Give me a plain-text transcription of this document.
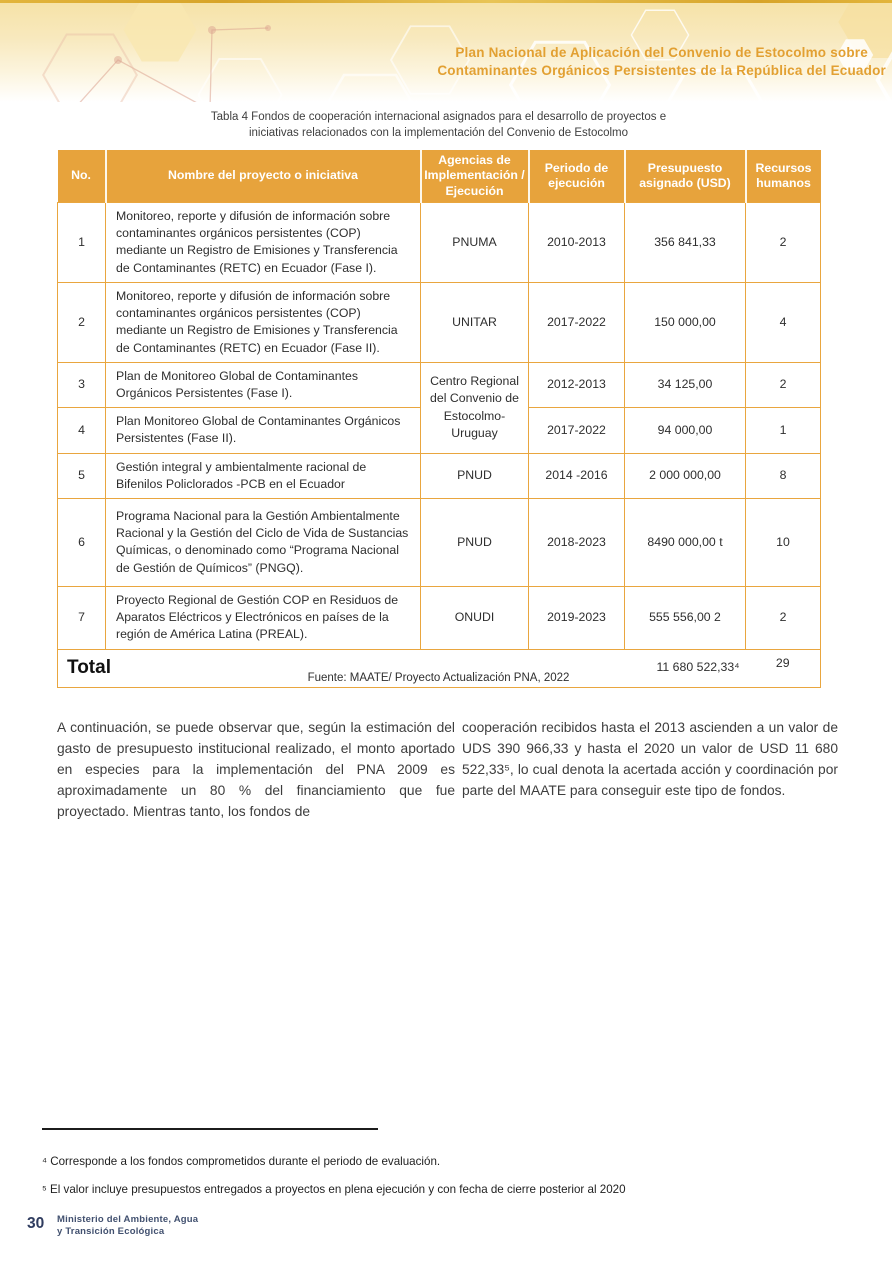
Plan Nacional de Aplicación del Convenio de Estocolmo sobre
Contaminantes Orgánicos Persistentes de la República del Ecuador
Tabla 4 Fondos de cooperación internacional asignados para el desarrollo de proyectos e
iniciativas relacionados con la implementación del Convenio de Estocolmo
No.	Nombre del proyecto o iniciativa	Agencias de Implementación / Ejecución	Periodo de ejecución	Presupuesto asignado (USD)	Recursos humanos
1	Monitoreo, reporte y difusión de información sobre contaminantes orgánicos persistentes (COP) mediante un Registro de Emisiones y Transferencia de Contaminantes (RETC) en Ecuador (Fase I).	PNUMA	2010-2013	356 841,33	2
2	Monitoreo, reporte y difusión de información sobre contaminantes orgánicos persistentes (COP) mediante un Registro de Emisiones y Transferencia de Contaminantes (RETC) en Ecuador (Fase II).	UNITAR	2017-2022	150 000,00	4
3	Plan de Monitoreo Global de Contaminantes Orgánicos Persistentes (Fase I).	Centro Regional del Convenio de Estocolmo- Uruguay	2012-2013	34 125,00	2
4	Plan Monitoreo Global de Contaminantes Orgánicos Persistentes (Fase II).		2017-2022	94 000,00	1
5	Gestión integral y ambientalmente racional de Bifenilos Policlorados -PCB en el Ecuador	PNUD	2014 -2016	2 000 000,00	8
6	Programa Nacional para la Gestión Ambientalmente Racional y la Gestión del Ciclo de Vida de Sustancias Químicas, o denominado como “Programa Nacional de Gestión de Químicos” (PNGQ).	PNUD	2018-2023	8490 000,00 t	10
7	Proyecto Regional de Gestión COP en Residuos de Aparatos Eléctricos y Electrónicos en países de la región de América Latina (PREAL).	ONUDI	2019-2023	555 556,00 2	2
Total				11 680 522,33⁴	29
Fuente: MAATE/ Proyecto Actualización PNA, 2022
A continuación, se puede observar que, según la estimación del gasto de presupuesto institucional realizado, el monto aportado en especies para la implementación del PNA 2009 es aproximadamente un 80 % del financiamiento que fue proyectado. Mientras tanto, los fondos de
cooperación recibidos hasta el 2013 ascienden a un valor de UDS 390 966,33 y hasta el 2020 un valor de USD 11 680 522,33⁵, lo cual denota la acertada acción y coordinación por parte del MAATE para conseguir este tipo de fondos.
⁴ Corresponde a los fondos comprometidos durante el periodo de evaluación.
⁵ El valor incluye presupuestos entregados a proyectos en plena ejecución y con fecha de cierre posterior al 2020
30 Ministerio del Ambiente, Agua
y Transición Ecológica
